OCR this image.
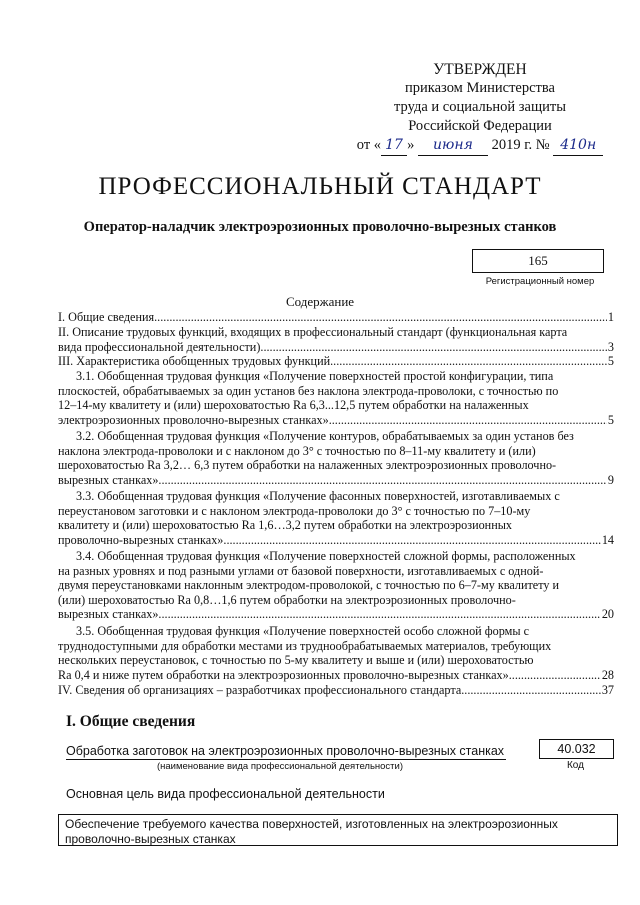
УТВЕРЖДЕН
приказом Министерства
труда и социальной защиты
Российской Федерации
от « 17 » июня 2019 г. № 410н
ПРОФЕССИОНАЛЬНЫЙ СТАНДАРТ
Оператор-наладчик электроэрозионных проволочно-вырезных станков
165
Регистрационный номер
Содержание
I. Общие сведения .....	1
II. Описание трудовых функций, входящих в профессиональный стандарт (функциональная карта
вида профессиональной деятельности) .....	3
III. Характеристика обобщенных трудовых функций .....	5
3.1. Обобщенная трудовая функция «Получение поверхностей простой конфигурации, типа
плоскостей, обрабатываемых за один установ без наклона электрода-проволоки, с точностью по
12–14-му квалитету и (или) шероховатостью Ra 6,3...12,5 путем обработки на налаженных
электроэрозионных проволочно-вырезных станках» .....	5
3.2. Обобщенная трудовая функция «Получение контуров, обрабатываемых за один установ без
наклона электрода-проволоки и с наклоном до 3° с точностью по 8–11-му квалитету и (или)
шероховатостью Ra 3,2… 6,3 путем обработки на налаженных электроэрозионных проволочно-
вырезных станках» .....	9
3.3. Обобщенная трудовая функция «Получение фасонных поверхностей, изготавливаемых с
переустановом заготовки и с наклоном электрода-проволоки до 3° с точностью по 7–10-му
квалитету и (или) шероховатостью Ra 1,6…3,2 путем обработки на электроэрозионных
проволочно-вырезных станках» .....	14
3.4. Обобщенная трудовая функция «Получение поверхностей сложной формы, расположенных
на разных уровнях и под разными углами от базовой поверхности, изготавливаемых с одной-
двумя переустановками наклонным электродом-проволокой, с точностью по 6–7-му квалитету и
(или) шероховатостью Ra 0,8…1,6 путем обработки на электроэрозионных проволочно-
вырезных станках» .....	20
3.5. Обобщенная трудовая функция «Получение поверхностей особо сложной формы с
труднодоступными для обработки местами из труднообрабатываемых материалов, требующих
нескольких переустановок, с точностью по 5-му квалитету и выше и (или) шероховатостью
Ra 0,4 и ниже путем обработки на электроэрозионных проволочно-вырезных станках» .....	28
IV. Сведения об организациях – разработчиках профессионального стандарта .....	37
I. Общие сведения
Обработка заготовок на электроэрозионных проволочно-вырезных станках
(наименование вида профессиональной деятельности)
40.032
Код
Основная цель вида профессиональной деятельности
Обеспечение требуемого качества поверхностей, изготовленных на электроэрозионных проволочно-вырезных станках
